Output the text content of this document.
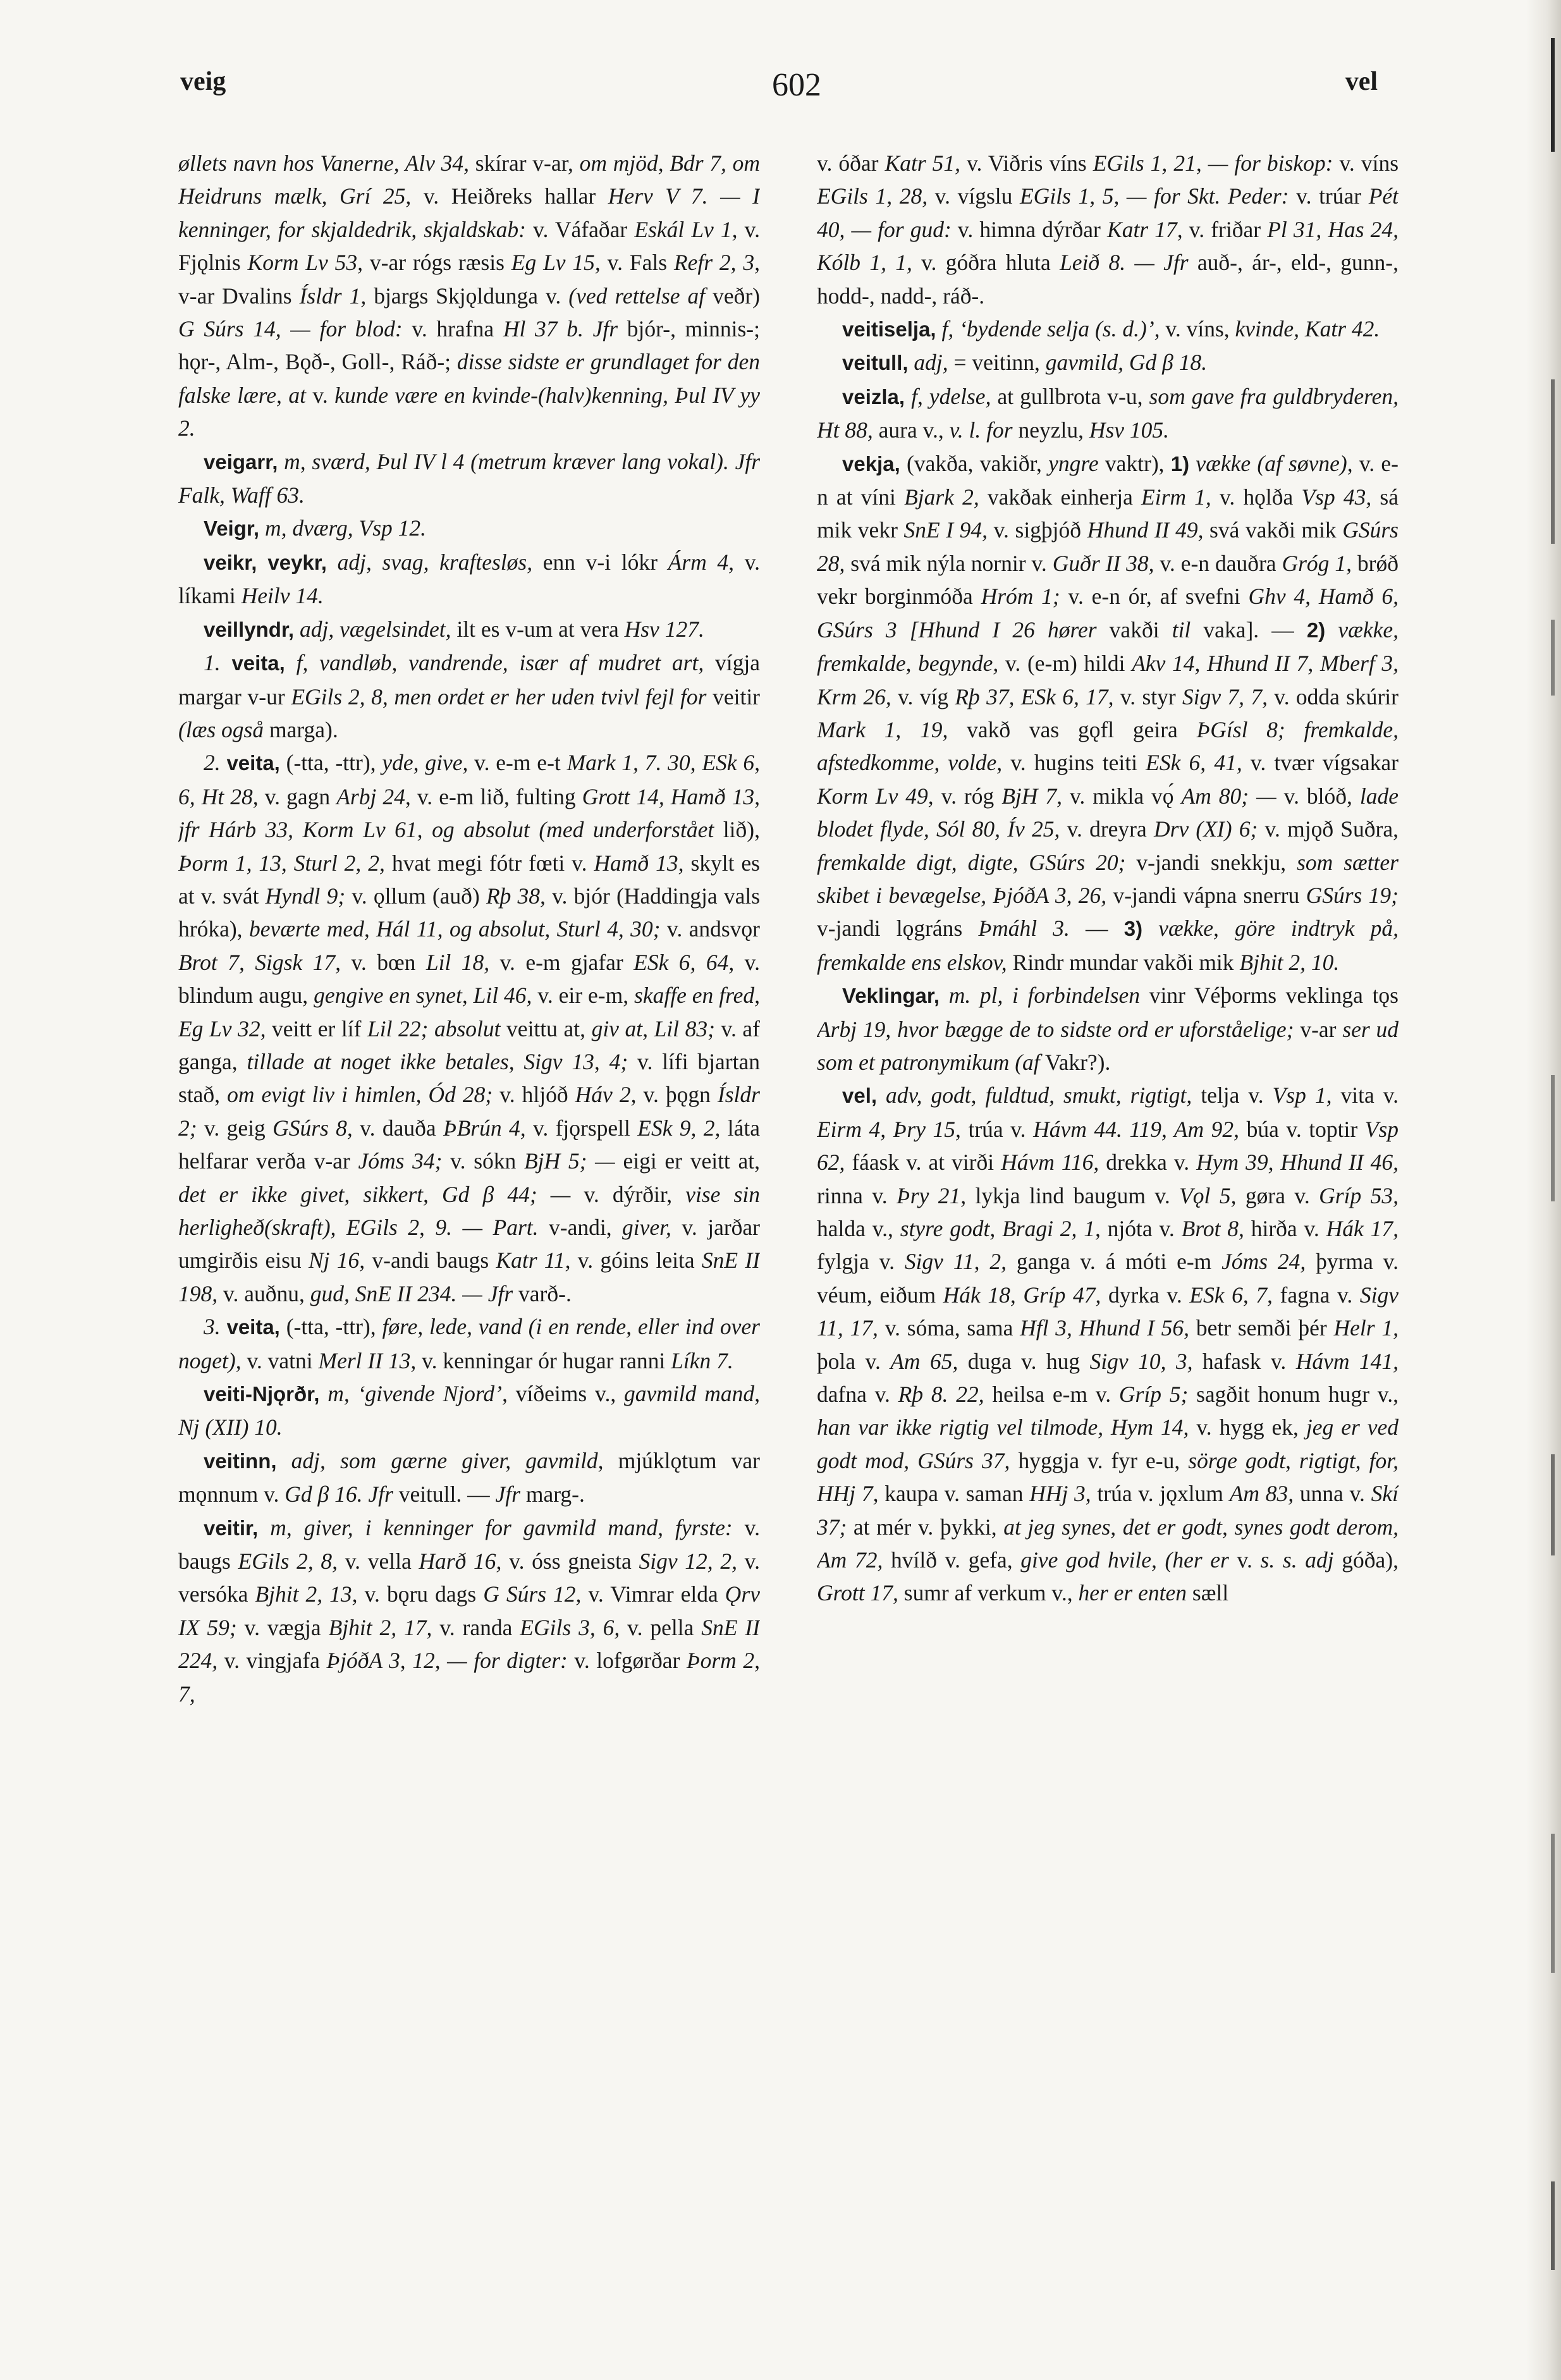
veig	602	vel

øllets navn hos Vanerne, Alv 34, skírar v-ar, om mjöd, Bdr 7, om Heidruns mælk, Grí 25, v. Heiðreks hallar Herv V 7. — I kenninger, for skjaldedrik, skjaldskab: v. Váfaðar Eskál Lv 1, v. Fjǫlnis Korm Lv 53, v-ar rógs ræsis Eg Lv 15, v. Fals Refr 2, 3, v-ar Dvalins Ísldr 1, bjargs Skjǫldunga v. (ved rettelse af veðr) G Súrs 14, — for blod: v. hrafna Hl 37 b. Jfr bjór-, minnis-; hǫr-, Alm-, Bǫð-, Goll-, Ráð-; disse sidste er grundlaget for den falske lære, at v. kunde være en kvinde-(halv)kenning, Þul IV yy 2.

veigarr, m, sværd, Þul IV l 4 (metrum kræver lang vokal). Jfr Falk, Waff 63.

Veigr, m, dværg, Vsp 12.

veikr, veykr, adj, svag, kraftesløs, enn v-i lókr Árm 4, v. líkami Heilv 14.

veillyndr, adj, vægelsindet, ilt es v-um at vera Hsv 127.

1. veita, f, vandløb, vandrende, især af mudret art, vígja margar v-ur EGils 2, 8, men ordet er her uden tvivl fejl for veitir (læs også marga).

2. veita, (-tta, -ttr), yde, give, v. e-m e-t Mark 1, 7. 30, ESk 6, 6, Ht 28, v. gagn Arbj 24, v. e-m lið, fulting Grott 14, Hamð 13, jfr Hárb 33, Korm Lv 61, og absolut (med underforstået lið), Þorm 1, 13, Sturl 2, 2, hvat megi fótr fœti v. Hamð 13, skylt es at v. svát Hyndl 9; v. ǫllum (auð) Rþ 38, v. bjór (Haddingja vals hróka), beværte med, Hál 11, og absolut, Sturl 4, 30; v. andsvǫr Brot 7, Sigsk 17, v. bœn Lil 18, v. e-m gjafar ESk 6, 64, v. blindum augu, gengive en synet, Lil 46, v. eir e-m, skaffe en fred, Eg Lv 32, veitt er líf Lil 22; absolut veittu at, giv at, Lil 83; v. af ganga, tillade at noget ikke betales, Sigv 13, 4; v. lífi bjartan stað, om evigt liv i himlen, Ód 28; v. hljóð Háv 2, v. þǫgn Ísldr 2; v. geig GSúrs 8, v. dauða ÞBrún 4, v. fjǫrspell ESk 9, 2, láta helfarar verða v-ar Jóms 34; v. sókn BjH 5; — eigi er veitt at, det er ikke givet, sikkert, Gd β 44; — v. dýrðir, vise sin herligheð(skraft), EGils 2, 9. — Part. v-andi, giver, v. jarðar umgirðis eisu Nj 16, v-andi baugs Katr 11, v. góins leita SnE II 198, v. auðnu, gud, SnE II 234. — Jfr varð-.

3. veita, (-tta, -ttr), føre, lede, vand (i en rende, eller ind over noget), v. vatni Merl II 13, v. kenningar ór hugar ranni Líkn 7.

veiti-Njǫrðr, m, ‘givende Njord’, víðeims v., gavmild mand, Nj (XII) 10.

veitinn, adj, som gærne giver, gavmild, mjúklǫtum var mǫnnum v. Gd β 16. Jfr veitull. — Jfr marg-.

veitir, m, giver, i kenninger for gavmild mand, fyrste: v. baugs EGils 2, 8, v. vella Harð 16, v. óss gneista Sigv 12, 2, v. versóka Bjhit 2, 13, v. bǫru dags G Súrs 12, v. Vimrar elda Ǫrv IX 59; v. vægja Bjhit 2, 17, v. randa EGils 3, 6, v. pella SnE II 224, v. vingjafa ÞjóðA 3, 12, — for digter: v. lofgørðar Þorm 2, 7,

v. óðar Katr 51, v. Viðris víns EGils 1, 21, — for biskop: v. víns EGils 1, 28, v. vígslu EGils 1, 5, — for Skt. Peder: v. trúar Pét 40, — for gud: v. himna dýrðar Katr 17, v. friðar Pl 31, Has 24, Kólb 1, 1, v. góðra hluta Leið 8. — Jfr auð-, ár-, eld-, gunn-, hodd-, nadd-, ráð-.

veitiselja, f, ‘bydende selja (s. d.)’, v. víns, kvinde, Katr 42.

veitull, adj, = veitinn, gavmild, Gd β 18.

veizla, f, ydelse, at gullbrota v-u, som gave fra guldbryderen, Ht 88, aura v., v. l. for neyzlu, Hsv 105.

vekja, (vakða, vakiðr, yngre vaktr), 1) vække (af søvne), v. e-n at víni Bjark 2, vakðak einherja Eirm 1, v. hǫlða Vsp 43, sá mik vekr SnE I 94, v. sigþjóð Hhund II 49, svá vakði mik GSúrs 28, svá mik nýla nornir v. Guðr II 38, v. e-n dauðra Gróg 1, brǿð vekr borginmóða Hróm 1; v. e-n ór, af svefni Ghv 4, Hamð 6, GSúrs 3 [Hhund I 26 hører vakði til vaka]. — 2) vække, fremkalde, begynde, v. (e-m) hildi Akv 14, Hhund II 7, Mberf 3, Krm 26, v. víg Rþ 37, ESk 6, 17, v. styr Sigv 7, 7, v. odda skúrir Mark 1, 19, vakð vas gǫfl geira ÞGísl 8; fremkalde, afstedkomme, volde, v. hugins teiti ESk 6, 41, v. tvær vígsakar Korm Lv 49, v. róg BjH 7, v. mikla vǫ́ Am 80; — v. blóð, lade blodet flyde, Sól 80, Ív 25, v. dreyra Drv (XI) 6; v. mjǫð Suðra, fremkalde digt, digte, GSúrs 20; v-jandi snekkju, som sætter skibet i bevægelse, ÞjóðA 3, 26, v-jandi vápna snerru GSúrs 19; v-jandi lǫgráns Þmáhl 3. — 3) vække, göre indtryk på, fremkalde ens elskov, Rindr mundar vakði mik Bjhit 2, 10.

Veklingar, m. pl, i forbindelsen vinr Véþorms veklinga tǫs Arbj 19, hvor bægge de to sidste ord er uforståelige; v-ar ser ud som et patronymikum (af Vakr?).

vel, adv, godt, fuldtud, smukt, rigtigt, telja v. Vsp 1, vita v. Eirm 4, Þry 15, trúa v. Hávm 44. 119, Am 92, búa v. toptir Vsp 62, fáask v. at virði Hávm 116, drekka v. Hym 39, Hhund II 46, rinna v. Þry 21, lykja lind baugum v. Vǫl 5, gøra v. Gríp 53, halda v., styre godt, Bragi 2, 1, njóta v. Brot 8, hirða v. Hák 17, fylgja v. Sigv 11, 2, ganga v. á móti e-m Jóms 24, þyrma v. véum, eiðum Hák 18, Gríp 47, dyrka v. ESk 6, 7, fagna v. Sigv 11, 17, v. sóma, sama Hfl 3, Hhund I 56, betr semði þér Helr 1, þola v. Am 65, duga v. hug Sigv 10, 3, hafask v. Hávm 141, dafna v. Rþ 8. 22, heilsa e-m v. Gríp 5; sagðit honum hugr v., han var ikke rigtig vel tilmode, Hym 14, v. hygg ek, jeg er ved godt mod, GSúrs 37, hyggja v. fyr e-u, sörge godt, rigtigt, for, HHj 7, kaupa v. saman HHj 3, trúa v. jǫxlum Am 83, unna v. Skí 37; at mér v. þykki, at jeg synes, det er godt, synes godt derom, Am 72, hvílð v. gefa, give god hvile, (her er v. s. s. adj góða), Grott 17, sumr af verkum v., her er enten sæll
